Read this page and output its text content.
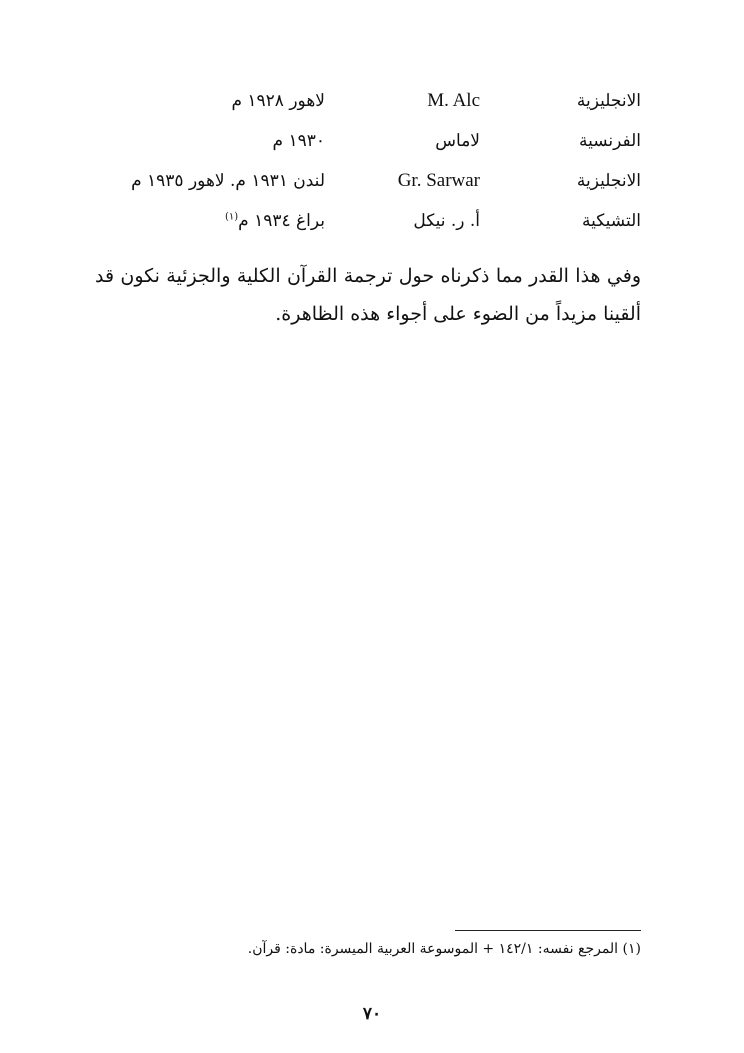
الانجليزية
M. Alc
لاهور ١٩٢٨ م
الفرنسية
لاماس
١٩٣٠ م
الانجليزية
Gr. Sarwar
لندن ١٩٣١ م. لاهور ١٩٣٥ م
التشيكية
أ. ر. نيكل
براغ ١٩٣٤ م$^{(١)}$

وفي هذا القدر مما ذكرناه حول ترجمة القرآن الكلية والجزئية نكون قد ألقينا مزيداً من الضوء على أجواء هذه الظاهرة.

(١) المرجع نفسه: ١٤٢/١ + الموسوعة العربية الميسرة: مادة: قرآن.
٧٠
